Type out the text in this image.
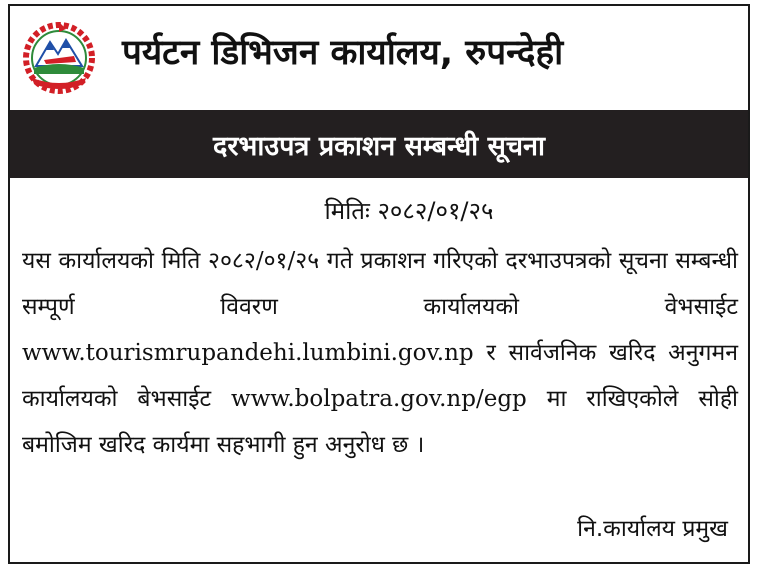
पर्यटन डिभिजन कार्यालय, रुपन्देही
दरभाउपत्र प्रकाशन सम्बन्धी सूचना
मितिः २०८२/०१/२५
यस कार्यालयको मिति २०८२/०१/२५ गते प्रकाशन गरिएको दरभाउपत्रको सूचना सम्बन्धी सम्पूर्ण विवरण कार्यालयको वेभसाईट www.tourismrupandehi.lumbini.gov.np र सार्वजनिक खरिद अनुगमन कार्यालयको बेभसाईट www.bolpatra.gov.np/egp मा राखिएकोले सोही बमोजिम खरिद कार्यमा सहभागी हुन अनुरोध छ ।
नि.कार्यालय प्रमुख
